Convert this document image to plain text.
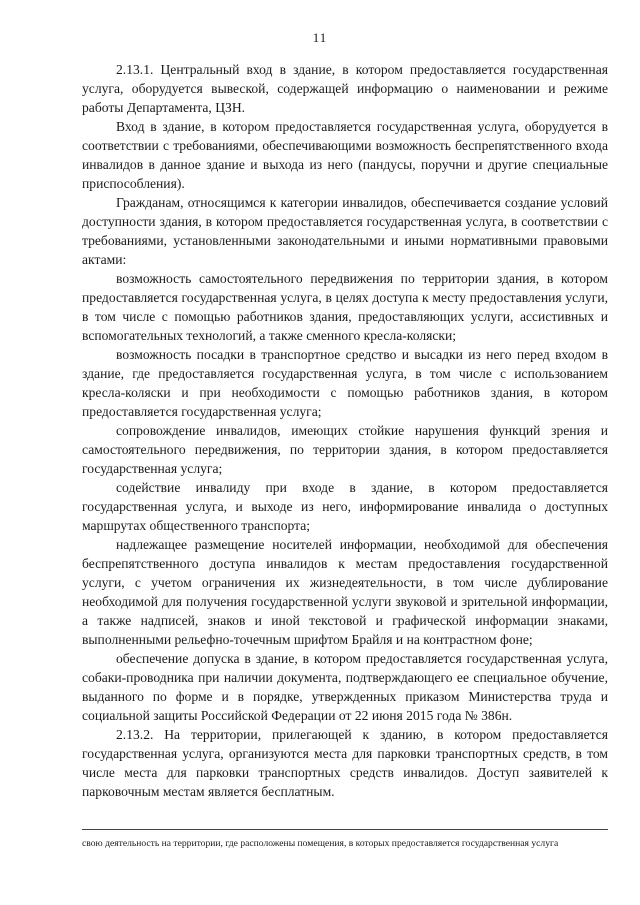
11

2.13.1. Центральный вход в здание, в котором предоставляется государственная услуга, оборудуется вывеской, содержащей информацию о наименовании и режиме работы Департамента, ЦЗН.

Вход в здание, в котором предоставляется государственная услуга, оборудуется в соответствии с требованиями, обеспечивающими возможность беспрепятственного входа инвалидов в данное здание и выхода из него (пандусы, поручни и другие специальные приспособления).

Гражданам, относящимся к категории инвалидов, обеспечивается создание условий доступности здания, в котором предоставляется государственная услуга, в соответствии с требованиями, установленными законодательными и иными нормативными правовыми актами:

возможность самостоятельного передвижения по территории здания, в котором предоставляется государственная услуга, в целях доступа к месту предоставления услуги, в том числе с помощью работников здания, предоставляющих услуги, ассистивных и вспомогательных технологий, а также сменного кресла-коляски;

возможность посадки в транспортное средство и высадки из него перед входом в здание, где предоставляется государственная услуга, в том числе с использованием кресла-коляски и при необходимости с помощью работников здания, в котором предоставляется государственная услуга;

сопровождение инвалидов, имеющих стойкие нарушения функций зрения и самостоятельного передвижения, по территории здания, в котором предоставляется государственная услуга;

содействие инвалиду при входе в здание, в котором предоставляется государственная услуга, и выходе из него, информирование инвалида о доступных маршрутах общественного транспорта;

надлежащее размещение носителей информации, необходимой для обеспечения беспрепятственного доступа инвалидов к местам предоставления государственной услуги, с учетом ограничения их жизнедеятельности, в том числе дублирование необходимой для получения государственной услуги звуковой и зрительной информации, а также надписей, знаков и иной текстовой и графической информации знаками, выполненными рельефно-точечным шрифтом Брайля и на контрастном фоне;

обеспечение допуска в здание, в котором предоставляется государственная услуга, собаки-проводника при наличии документа, подтверждающего ее специальное обучение, выданного по форме и в порядке, утвержденных приказом Министерства труда и социальной защиты Российской Федерации от 22 июня 2015 года № 386н.

2.13.2. На территории, прилегающей к зданию, в котором предоставляется государственная услуга, организуются места для парковки транспортных средств, в том числе места для парковки транспортных средств инвалидов. Доступ заявителей к парковочным местам является бесплатным.

свою деятельность на территории, где расположены помещения, в которых предоставляется государственная услуга
